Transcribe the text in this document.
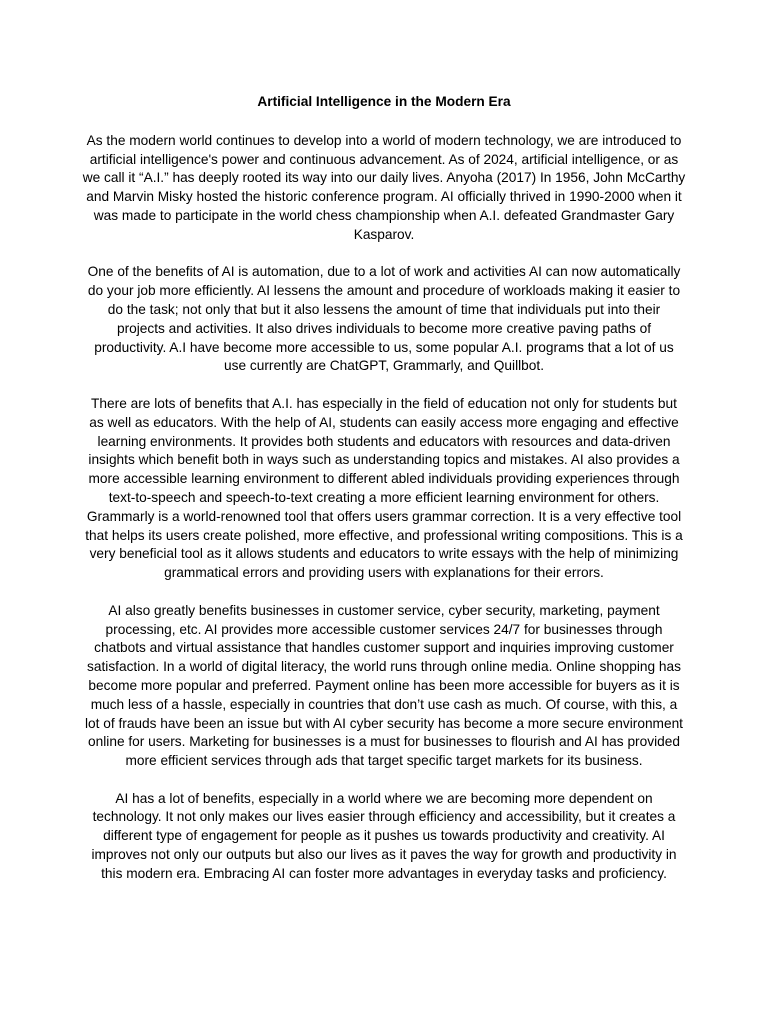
Artificial Intelligence in the Modern Era

As the modern world continues to develop into a world of modern technology, we are introduced to artificial intelligence's power and continuous advancement. As of 2024, artificial intelligence, or as we call it “A.I.” has deeply rooted its way into our daily lives. Anyoha (2017) In 1956, John McCarthy and Marvin Misky hosted the historic conference program. AI officially thrived in 1990-2000 when it was made to participate in the world chess championship when A.I. defeated Grandmaster Gary Kasparov.

One of the benefits of AI is automation, due to a lot of work and activities AI can now automatically do your job more efficiently. AI lessens the amount and procedure of workloads making it easier to do the task; not only that but it also lessens the amount of time that individuals put into their projects and activities. It also drives individuals to become more creative paving paths of productivity. A.I have become more accessible to us, some popular A.I. programs that a lot of us use currently are ChatGPT, Grammarly, and Quillbot.

There are lots of benefits that A.I. has especially in the field of education not only for students but as well as educators. With the help of AI, students can easily access more engaging and effective learning environments. It provides both students and educators with resources and data-driven insights which benefit both in ways such as understanding topics and mistakes. AI also provides a more accessible learning environment to different abled individuals providing experiences through text-to-speech and speech-to-text creating a more efficient learning environment for others. Grammarly is a world-renowned tool that offers users grammar correction. It is a very effective tool that helps its users create polished, more effective, and professional writing compositions. This is a very beneficial tool as it allows students and educators to write essays with the help of minimizing grammatical errors and providing users with explanations for their errors.

AI also greatly benefits businesses in customer service, cyber security, marketing, payment processing, etc. AI provides more accessible customer services 24/7 for businesses through chatbots and virtual assistance that handles customer support and inquiries improving customer satisfaction. In a world of digital literacy, the world runs through online media. Online shopping has become more popular and preferred. Payment online has been more accessible for buyers as it is much less of a hassle, especially in countries that don’t use cash as much. Of course, with this, a lot of frauds have been an issue but with AI cyber security has become a more secure environment online for users. Marketing for businesses is a must for businesses to flourish and AI has provided more efficient services through ads that target specific target markets for its business.

AI has a lot of benefits, especially in a world where we are becoming more dependent on technology. It not only makes our lives easier through efficiency and accessibility, but it creates a different type of engagement for people as it pushes us towards productivity and creativity. AI improves not only our outputs but also our lives as it paves the way for growth and productivity in this modern era. Embracing AI can foster more advantages in everyday tasks and proficiency.
